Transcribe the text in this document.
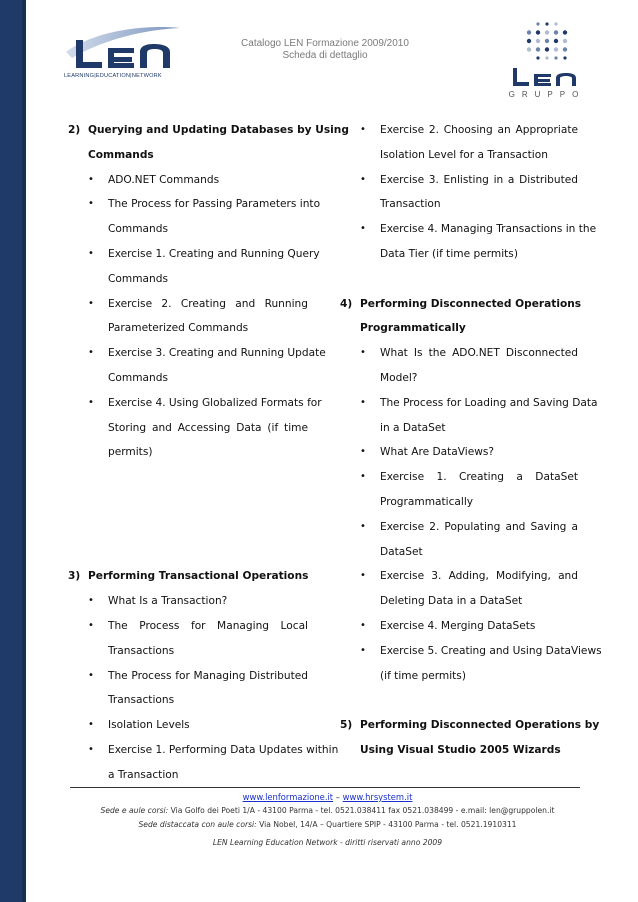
LEARNING|EDUCATION|NETWORK
Catalogo LEN Formazione 2009/2010
Scheda di dettaglio
GRUPPO
2) Querying and Updating Databases by Using
Commands
• ADO.NET Commands
• The Process for Passing Parameters into
Commands
• Exercise 1. Creating and Running Query
Commands
• Exercise 2. Creating and Running
Parameterized Commands
• Exercise 3. Creating and Running Update
Commands
• Exercise 4. Using Globalized Formats for
Storing and Accessing Data (if time
permits)
3) Performing Transactional Operations
• What Is a Transaction?
• The Process for Managing Local
Transactions
• The Process for Managing Distributed
Transactions
• Isolation Levels
• Exercise 1. Performing Data Updates within
a Transaction
• Exercise 2. Choosing an Appropriate
Isolation Level for a Transaction
• Exercise 3. Enlisting in a Distributed
Transaction
• Exercise 4. Managing Transactions in the
Data Tier (if time permits)
4) Performing Disconnected Operations
Programmatically
• What Is the ADO.NET Disconnected
Model?
• The Process for Loading and Saving Data
in a DataSet
• What Are DataViews?
• Exercise 1. Creating a DataSet
Programmatically
• Exercise 2. Populating and Saving a
DataSet
• Exercise 3. Adding, Modifying, and
Deleting Data in a DataSet
• Exercise 4. Merging DataSets
• Exercise 5. Creating and Using DataViews
(if time permits)
5) Performing Disconnected Operations by
Using Visual Studio 2005 Wizards
www.lenformazione.it – www.hrsystem.it
Sede e aule corsi: Via Golfo dei Poeti 1/A - 43100 Parma - tel. 0521.038411 fax 0521.038499 - e.mail: len@gruppolen.it
Sede distaccata con aule corsi: Via Nobel, 14/A – Quartiere SPIP - 43100 Parma - tel. 0521.1910311
LEN Learning Education Network - diritti riservati anno 2009
